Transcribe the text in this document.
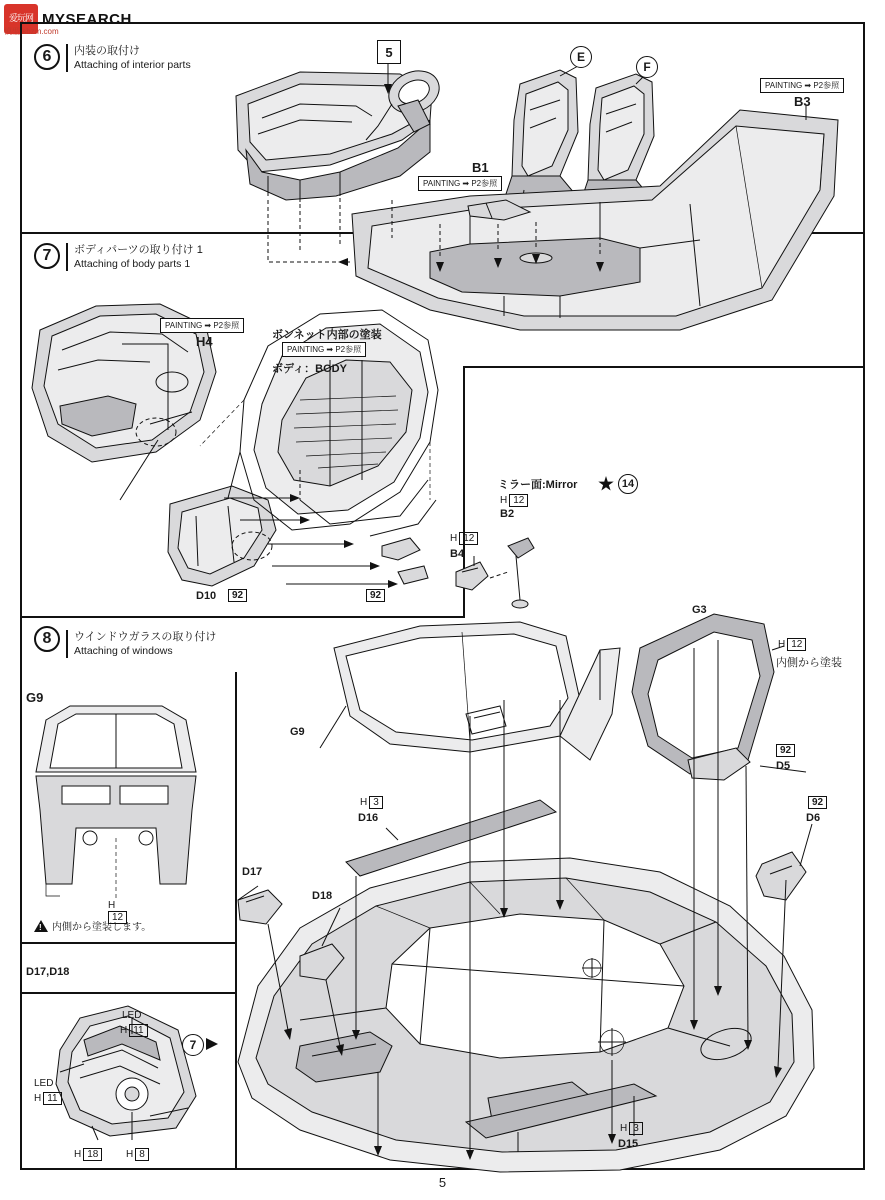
爱玩网 MYSEARCH
模型.sbzm.com
6	内装の取付け
Attaching of interior parts
E
F
5
PAINTING ➡ P2参照
B3
B1
PAINTING ➡ P2参照
7	ボディパーツの取り付け 1
Attaching of body parts 1
PAINTING ➡ P2参照
H4	ボンネット内部の塗装
PAINTING ➡ P2参照
ボディ：BODY
D10	92	92
ミラー面:Mirror	14
H 12
B2
H 12
B4
8	ウインドウガラスの取り付け
Attaching of windows
G9
H
12
!
内側から塗装します。
D17,D18
LED
H 11
LED
H 11
H 18	H 8
G9
G3
H 12
内側から塗装
92
D5
92
D6
H 3
D16
D17
D18
H 3
D15
7
5
